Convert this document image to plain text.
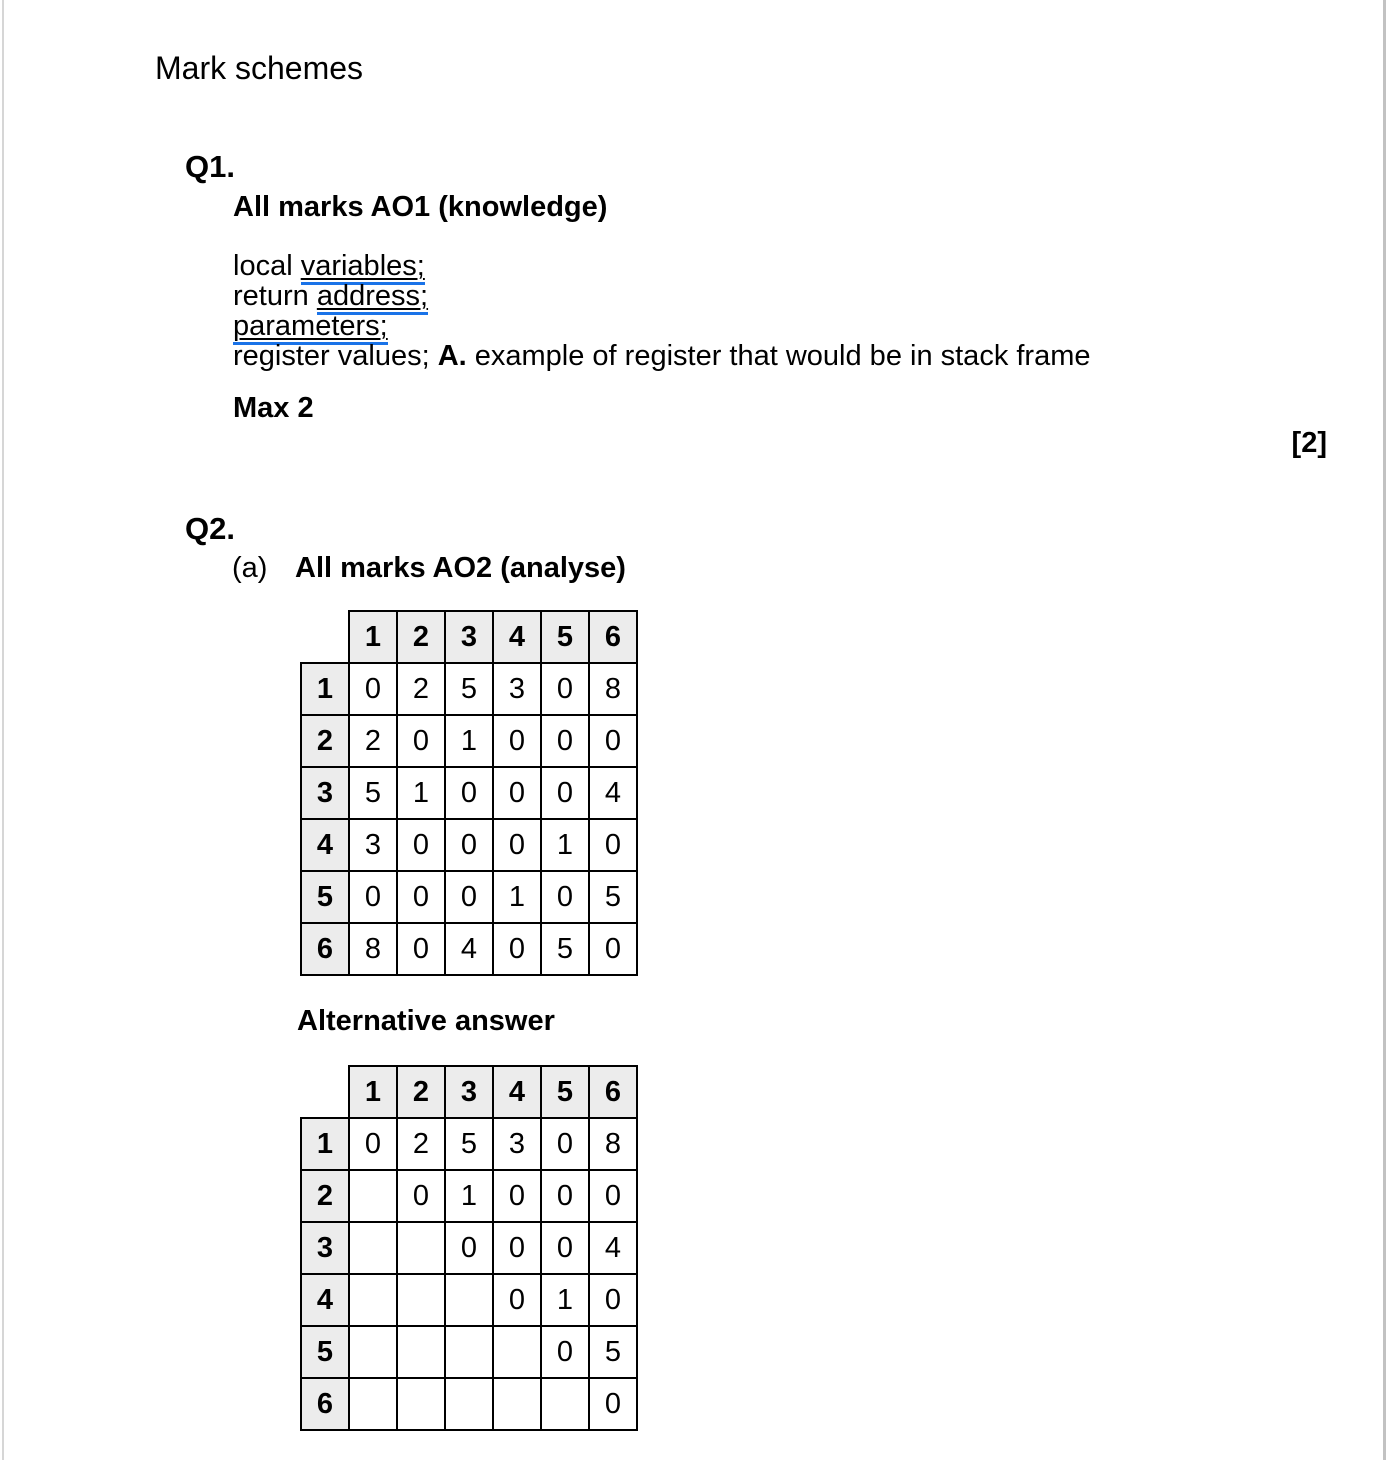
Mark schemes
Q1.
All marks AO1 (knowledge)
local variables;
return address;
parameters;
register values; A. example of register that would be in stack frame
Max 2
[2]
Q2.
(a) All marks AO2 (analyse)
	1	2	3	4	5	6
1	0	2	5	3	0	8
2	2	0	1	0	0	0
3	5	1	0	0	0	4
4	3	0	0	0	1	0
5	0	0	0	1	0	5
6	8	0	4	0	5	0
Alternative answer
	1	2	3	4	5	6
1	0	2	5	3	0	8
2		0	1	0	0	0
3			0	0	0	4
4				0	1	0
5					0	5
6						0
